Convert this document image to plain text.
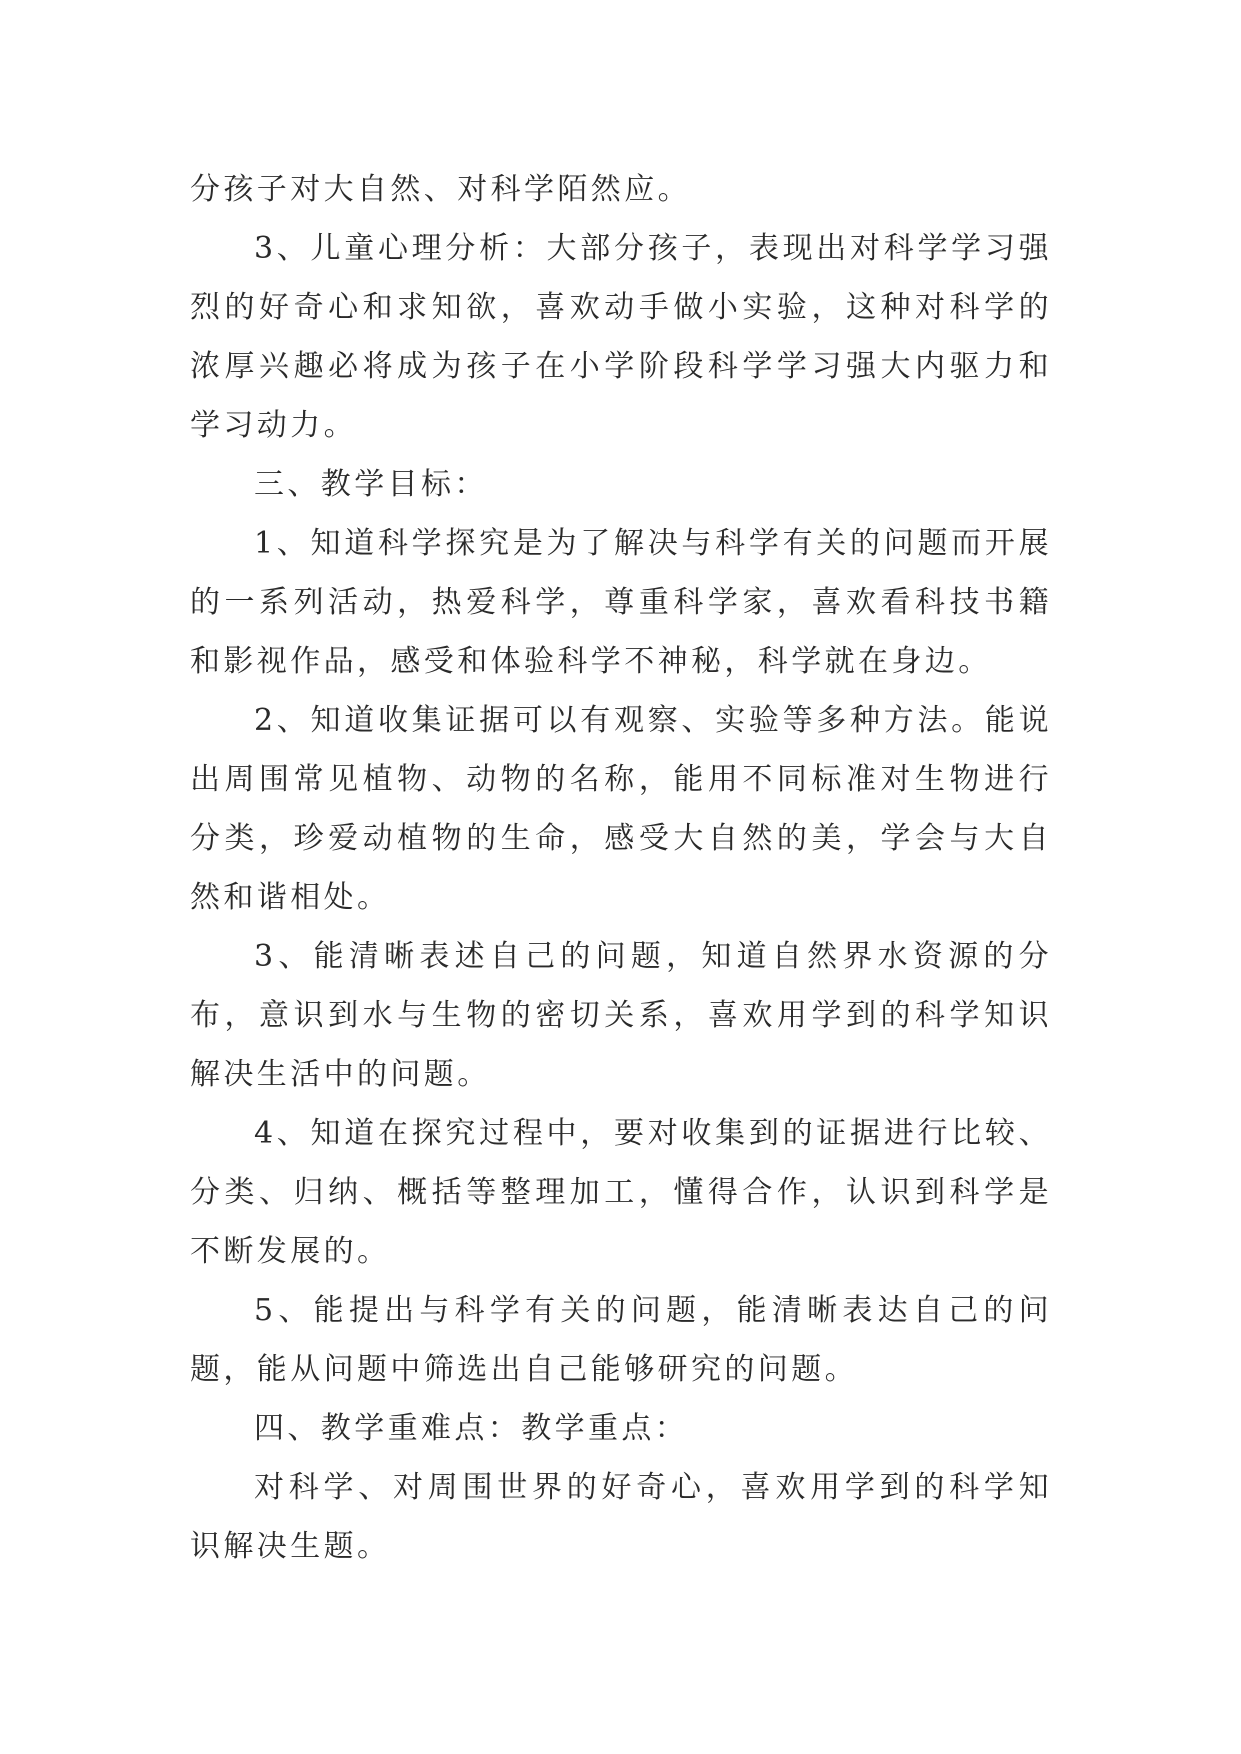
分孩子对大自然、对科学陌然应。

3、儿童心理分析：大部分孩子，表现出对科学学习强烈的好奇心和求知欲，喜欢动手做小实验，这种对科学的浓厚兴趣必将成为孩子在小学阶段科学学习强大内驱力和学习动力。

三、教学目标：

1、知道科学探究是为了解决与科学有关的问题而开展的一系列活动，热爱科学，尊重科学家，喜欢看科技书籍和影视作品，感受和体验科学不神秘，科学就在身边。

2、知道收集证据可以有观察、实验等多种方法。能说出周围常见植物、动物的名称，能用不同标准对生物进行分类，珍爱动植物的生命，感受大自然的美，学会与大自然和谐相处。

3、能清晰表述自己的问题，知道自然界水资源的分布，意识到水与生物的密切关系，喜欢用学到的科学知识解决生活中的问题。

4、知道在探究过程中，要对收集到的证据进行比较、分类、归纳、概括等整理加工，懂得合作，认识到科学是不断发展的。

5、能提出与科学有关的问题，能清晰表达自己的问题，能从问题中筛选出自己能够研究的问题。

四、教学重难点：教学重点：

对科学、对周围世界的好奇心，喜欢用学到的科学知识解决生题。
